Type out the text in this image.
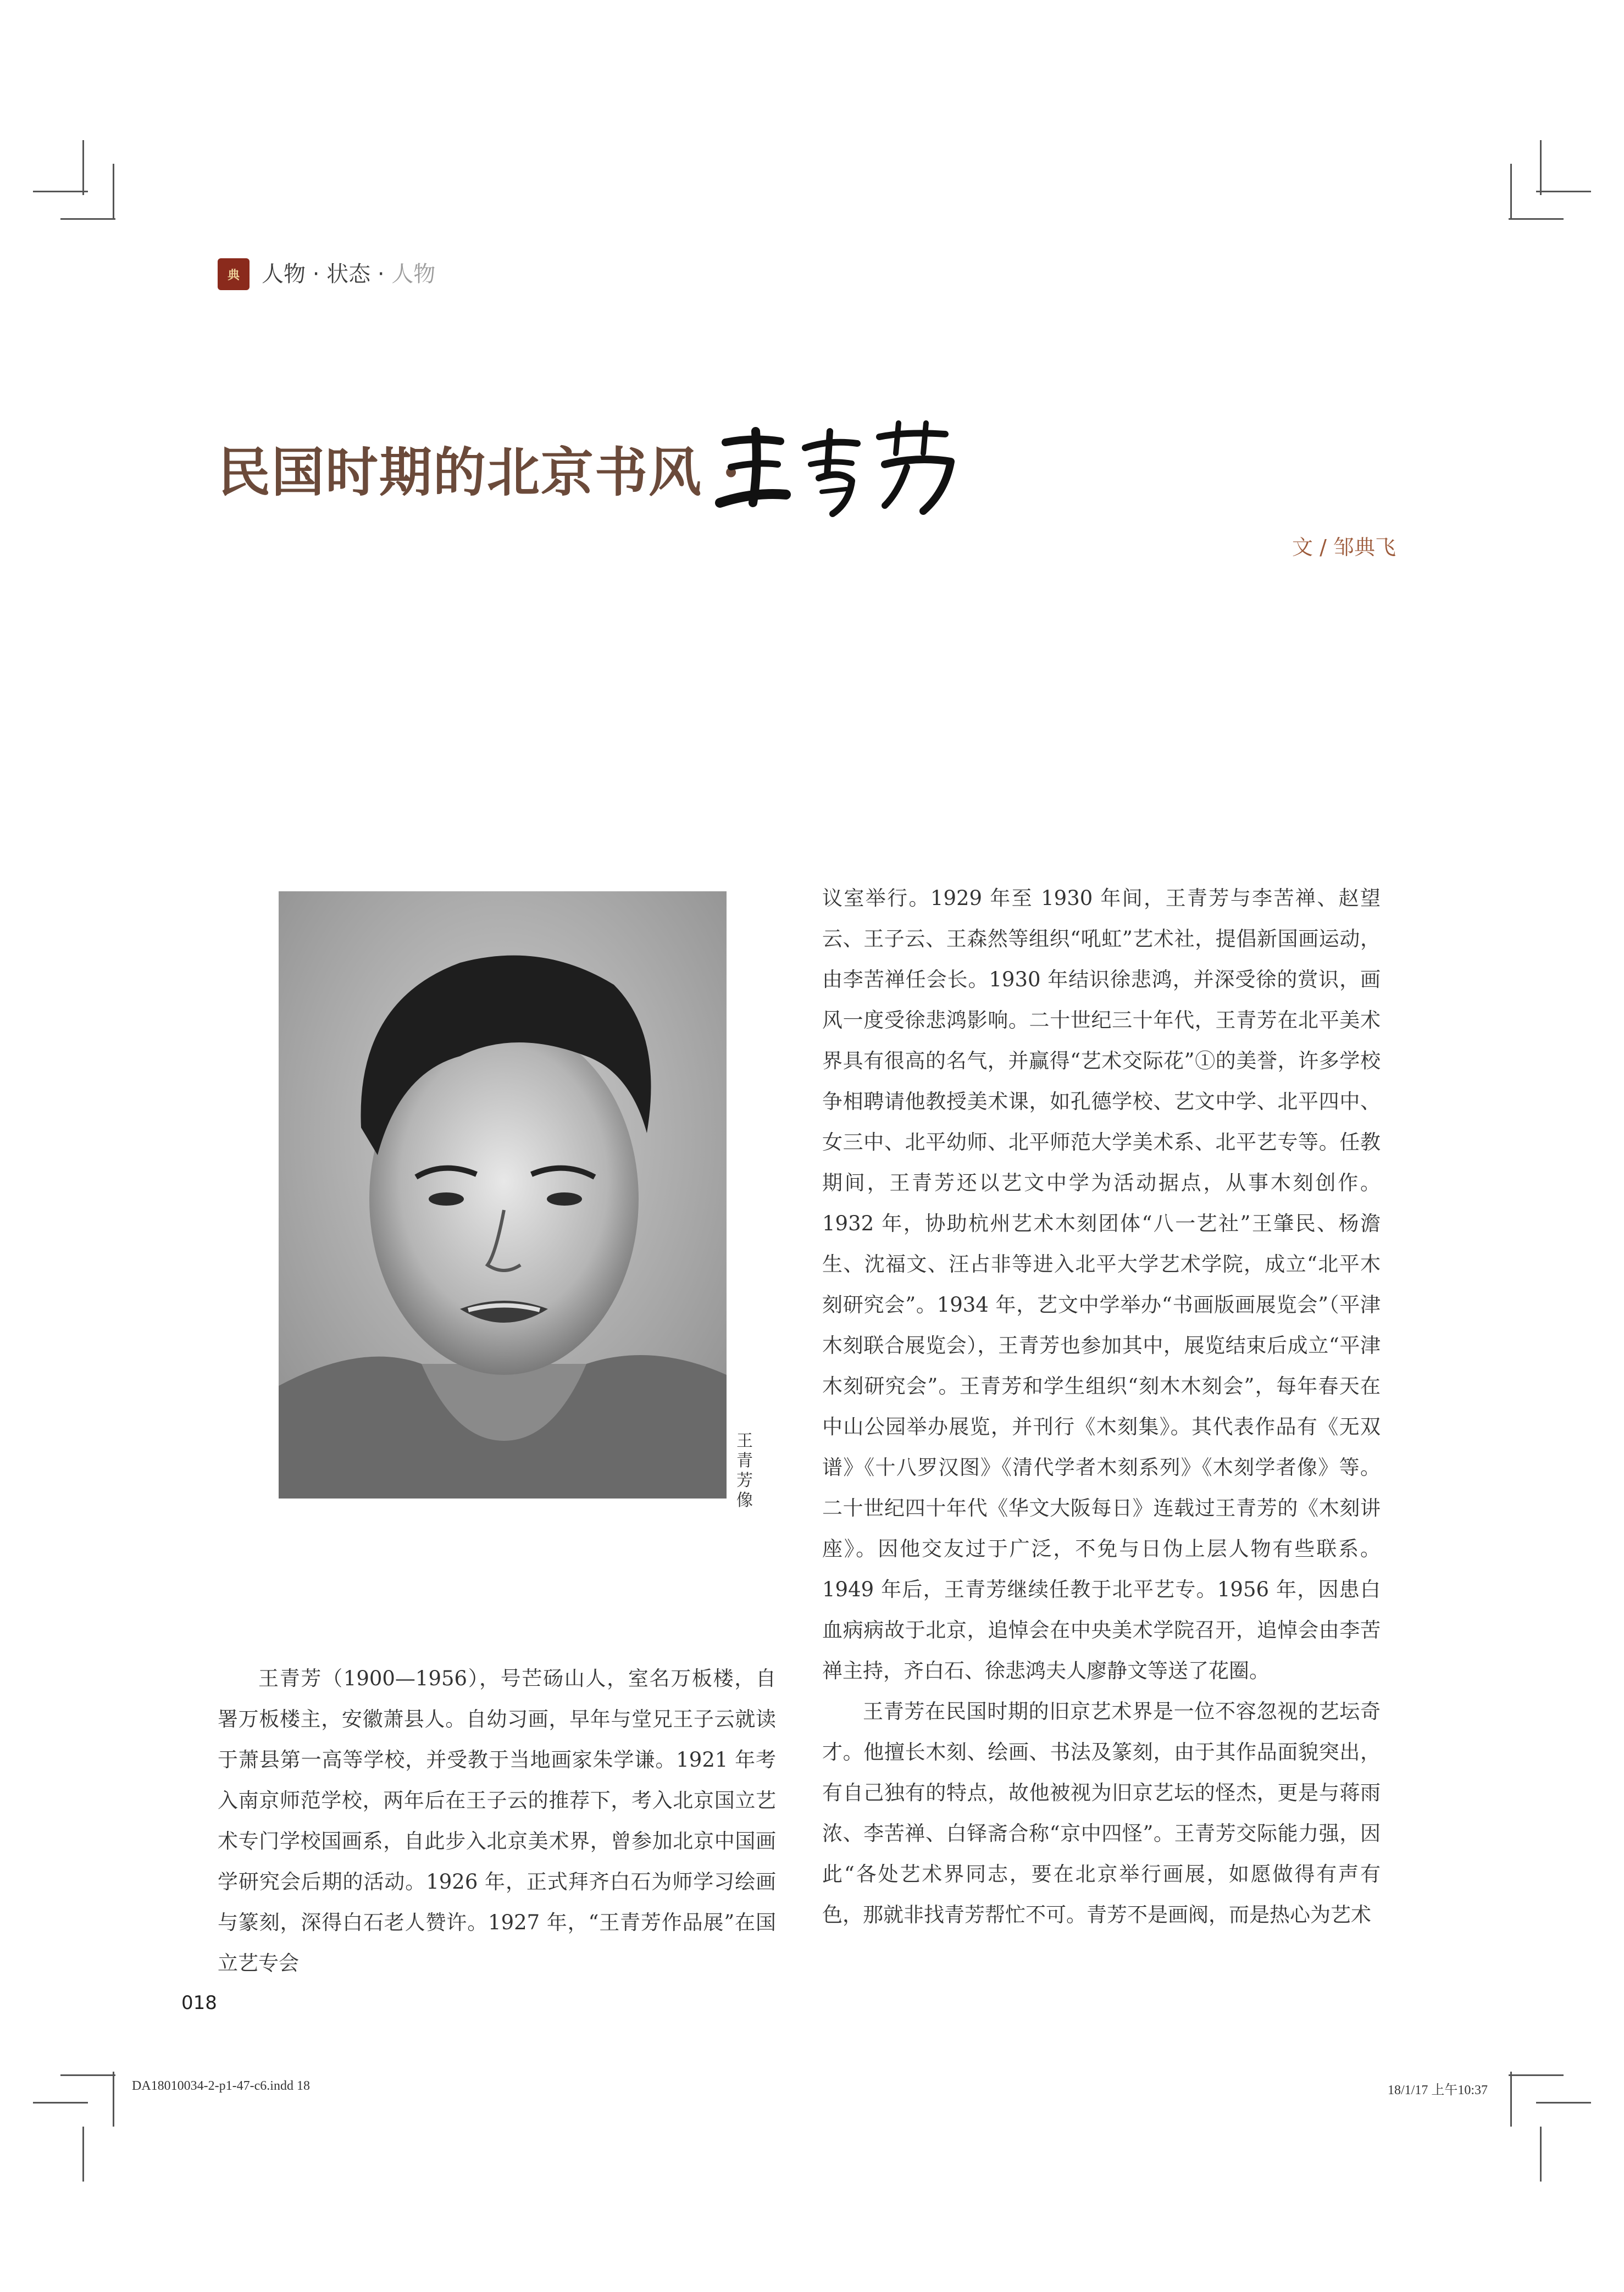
典	人物 · 状态 · 人物
民国时期的北京书风 ·
文 / 邹典飞
王青芳像

王青芳（1900—1956），号芒砀山人，室名万板楼，自署万板楼主，安徽萧县人。自幼习画，早年与堂兄王子云就读于萧县第一高等学校，并受教于当地画家朱学谦。1921 年考入南京师范学校，两年后在王子云的推荐下，考入北京国立艺术专门学校国画系，自此步入北京美术界，曾参加北京中国画学研究会后期的活动。1926 年，正式拜齐白石为师学习绘画与篆刻，深得白石老人赞许。1927 年，“王青芳作品展”在国立艺专会

议室举行。1929 年至 1930 年间，王青芳与李苦禅、赵望云、王子云、王森然等组织“吼虹”艺术社，提倡新国画运动，由李苦禅任会长。1930 年结识徐悲鸿，并深受徐的赏识，画风一度受徐悲鸿影响。二十世纪三十年代，王青芳在北平美术界具有很高的名气，并赢得“艺术交际花”①的美誉，许多学校争相聘请他教授美术课，如孔德学校、艺文中学、北平四中、女三中、北平幼师、北平师范大学美术系、北平艺专等。任教期间，王青芳还以艺文中学为活动据点，从事木刻创作。1932 年，协助杭州艺术木刻团体“八一艺社”王肇民、杨澹生、沈福文、汪占非等进入北平大学艺术学院，成立“北平木刻研究会”。1934 年，艺文中学举办“书画版画展览会”（平津木刻联合展览会），王青芳也参加其中，展览结束后成立“平津木刻研究会”。王青芳和学生组织“刻木木刻会”，每年春天在中山公园举办展览，并刊行《木刻集》。其代表作品有《无双谱》《十八罗汉图》《清代学者木刻系列》《木刻学者像》等。二十世纪四十年代《华文大阪每日》连载过王青芳的《木刻讲座》。因他交友过于广泛，不免与日伪上层人物有些联系。1949 年后，王青芳继续任教于北平艺专。1956 年，因患白血病病故于北京，追悼会在中央美术学院召开，追悼会由李苦禅主持，齐白石、徐悲鸿夫人廖静文等送了花圈。

王青芳在民国时期的旧京艺术界是一位不容忽视的艺坛奇才。他擅长木刻、绘画、书法及篆刻，由于其作品面貌突出，有自己独有的特点，故他被视为旧京艺坛的怪杰，更是与蒋雨浓、李苦禅、白铎斋合称“京中四怪”。王青芳交际能力强，因此“各处艺术界同志，要在北京举行画展，如愿做得有声有色，那就非找青芳帮忙不可。青芳不是画阀，而是热心为艺术

018
DA18010034-2-p1-47-c6.indd 18	18/1/17 上午10:37
